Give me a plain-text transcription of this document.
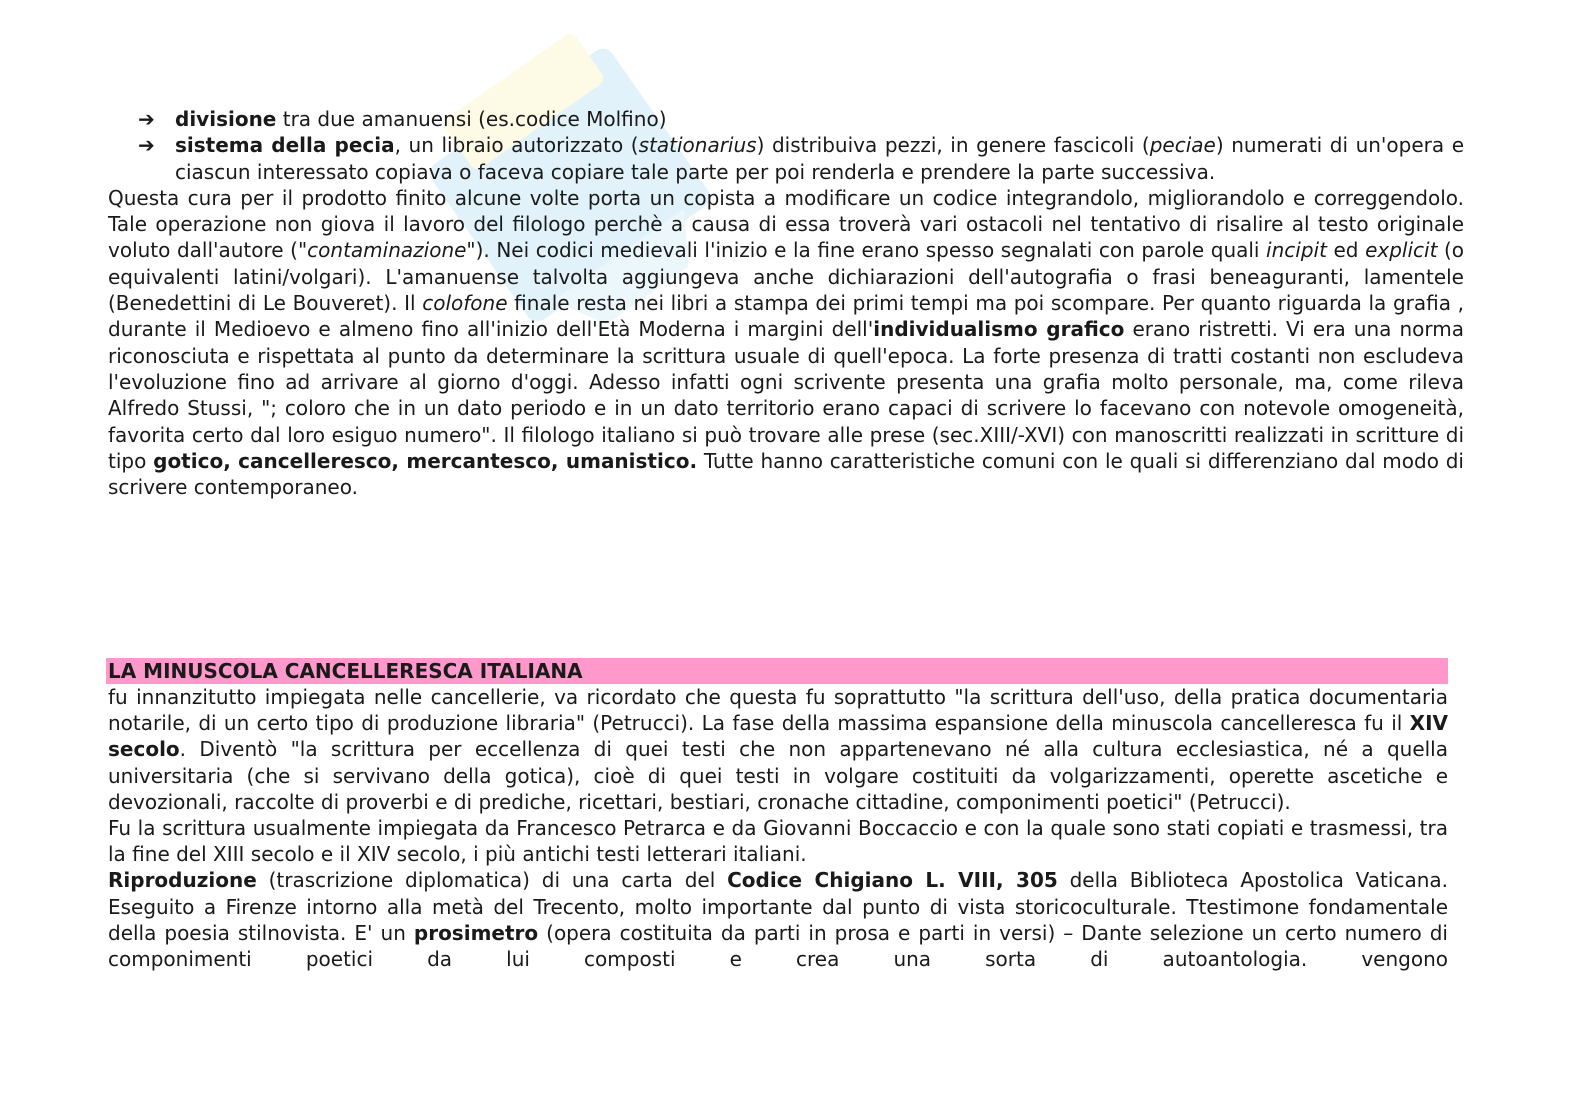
➔ divisione tra due amanuensi (es.codice Molfino)
➔ sistema della pecia, un libraio autorizzato (stationarius) distribuiva pezzi, in genere fascicoli (peciae) numerati di un'opera e ciascun interessato copiava o faceva copiare tale parte per poi renderla e prendere la parte successiva.
Questa cura per il prodotto finito alcune volte porta un copista a modificare un codice integrandolo, migliorandolo e correggendolo. Tale operazione non giova il lavoro del filologo perchè a causa di essa troverà vari ostacoli nel tentativo di risalire al testo originale voluto dall'autore ("contaminazione"). Nei codici medievali l'inizio e la fine erano spesso segnalati con parole quali incipit ed explicit (o equivalenti latini/volgari). L'amanuense talvolta aggiungeva anche dichiarazioni dell'autografia o frasi beneaguranti, lamentele (Benedettini di Le Bouveret). Il colofone finale resta nei libri a stampa dei primi tempi ma poi scompare. Per quanto riguarda la grafia , durante il Medioevo e almeno fino all'inizio dell'Età Moderna i margini dell'individualismo grafico erano ristretti. Vi era una norma riconosciuta e rispettata al punto da determinare la scrittura usuale di quell'epoca. La forte presenza di tratti costanti non escludeva l'evoluzione fino ad arrivare al giorno d'oggi. Adesso infatti ogni scrivente presenta una grafia molto personale, ma, come rileva Alfredo Stussi, "; coloro che in un dato periodo e in un dato territorio erano capaci di scrivere lo facevano con notevole omogeneità, favorita certo dal loro esiguo numero". Il filologo italiano si può trovare alle prese (sec.XIII/-XVI) con manoscritti realizzati in scritture di tipo gotico, cancelleresco, mercantesco, umanistico. Tutte hanno caratteristiche comuni con le quali si differenziano dal modo di scrivere contemporaneo.
LA MINUSCOLA CANCELLERESCA ITALIANA
fu innanzitutto impiegata nelle cancellerie, va ricordato che questa fu soprattutto "la scrittura dell'uso, della pratica documentaria notarile, di un certo tipo di produzione libraria" (Petrucci). La fase della massima espansione della minuscola cancelleresca fu il XIV secolo. Diventò "la scrittura per eccellenza di quei testi che non appartenevano né alla cultura ecclesiastica, né a quella universitaria (che si servivano della gotica), cioè di quei testi in volgare costituiti da volgarizzamenti, operette ascetiche e devozionali, raccolte di proverbi e di prediche, ricettari, bestiari, cronache cittadine, componimenti poetici" (Petrucci).
Fu la scrittura usualmente impiegata da Francesco Petrarca e da Giovanni Boccaccio e con la quale sono stati copiati e trasmessi, tra la fine del XIII secolo e il XIV secolo, i più antichi testi letterari italiani.
Riproduzione (trascrizione diplomatica) di una carta del Codice Chigiano L. VIII, 305 della Biblioteca Apostolica Vaticana. Eseguito a Firenze intorno alla metà del Trecento, molto importante dal punto di vista storicoculturale. Ttestimone fondamentale della poesia stilnovista. E' un prosimetro (opera costituita da parti in prosa e parti in versi) – Dante selezione un certo numero di componimenti poetici da lui composti e crea una sorta di autoantologia. vengono
